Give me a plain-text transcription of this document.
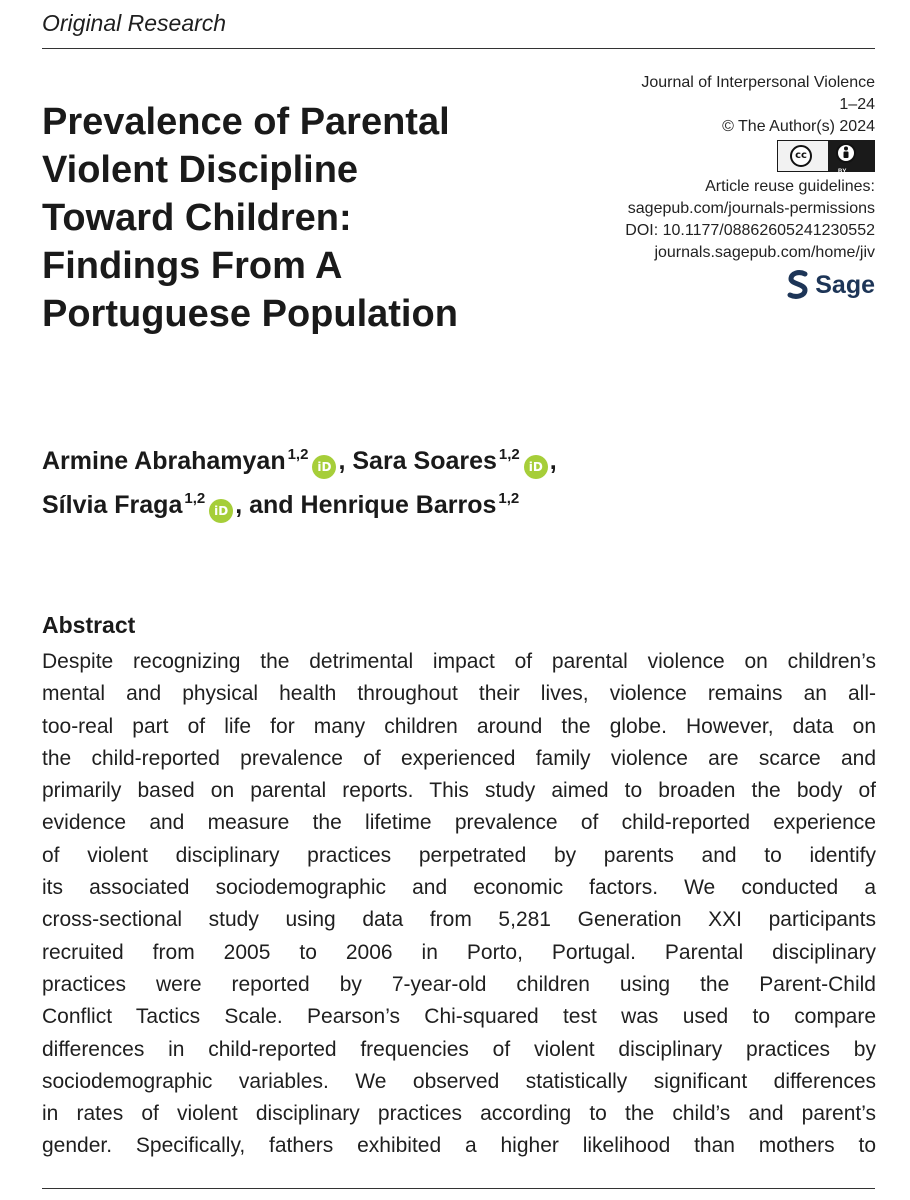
Original Research
Prevalence of Parental
Violent Discipline
Toward Children:
Findings From A
Portuguese Population
Journal of Interpersonal Violence
1–24
© The Author(s) 2024
cc
BY
Article reuse guidelines:
sagepub.com/journals-permissions
DOI: 10.1177/08862605241230552
journals.sagepub.com/home/jiv
Sage
Armine Abrahamyan $^{1,2}$iD , Sara Soares $^{1,2}$iD ,
Sílvia Fraga $^{1,2}$iD , and Henrique Barros $^{1,2}$
Abstract
Despite recognizing the detrimental impact of parental violence on children’s
mental and physical health throughout their lives, violence remains an all-
too-real part of life for many children around the globe. However, data on
the child-reported prevalence of experienced family violence are scarce and
primarily based on parental reports. This study aimed to broaden the body of
evidence and measure the lifetime prevalence of child-reported experience
of violent disciplinary practices perpetrated by parents and to identify
its associated sociodemographic and economic factors. We conducted a
cross-sectional study using data from 5,281 Generation XXI participants
recruited from 2005 to 2006 in Porto, Portugal. Parental disciplinary
practices were reported by 7-year-old children using the Parent-Child
Conflict Tactics Scale. Pearson’s Chi-squared test was used to compare
differences in child-reported frequencies of violent disciplinary practices by
sociodemographic variables. We observed statistically significant differences
in rates of violent disciplinary practices according to the child’s and parent’s
gender. Specifically, fathers exhibited a higher likelihood than mothers to
